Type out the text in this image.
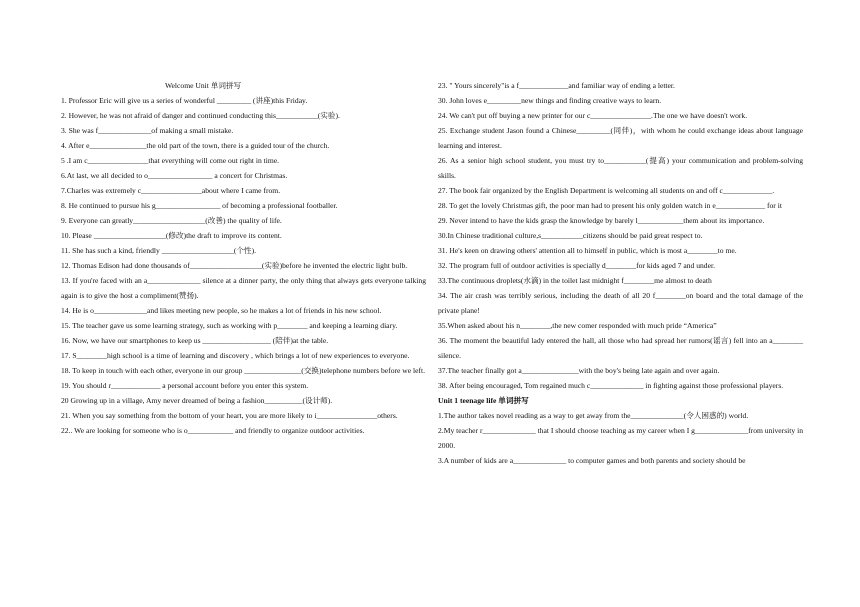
Welcome Unit 单词拼写

1. Professor Eric will give us a series of wonderful _________ (讲座)this Friday.

2. However, he was not afraid of danger and continued conducting this___________(实验).

3. She was f______________of making a small mistake.

4. After e_______________the old part of the town, there is a guided tour of the church.

5 .I am c________________that everything will come out right in time.

6.At last, we all decided to o_________________ a concert for Christmas.

7.Charles was extremely c________________about where I came from.

8. He continued to pursue his g_________________ of becoming a professional footballer.

9. Everyone can greatly___________________(改善) the quality of life.

10. Please ___________________(修改)the draft to improve its content.

11. She has such a kind, friendly ___________________(个性).

12. Thomas Edison had done thousands of___________________(实验)before he invented the electric light bulb.

13. If you're faced with an a______________ silence at a dinner party, the only thing that always gets everyone talking again is to give the host a compliment(赞扬).

14. He is o______________and likes meeting new people, so he makes a lot of friends in his new school.

15. The teacher gave us some learning strategy, such as working with p________ and keeping a learning diary.

16. Now, we have our smartphones to keep us __________________ (陪伴)at the table.

17. S________high school is a time of learning and discovery , which brings a lot of new experiences to everyone.

18. To keep in touch with each other, everyone in our group _______________(交换)telephone numbers before we left.

19. You should r_____________ a personal account before you enter this system.

20 Growing up in a village, Amy never dreamed of being a fashion__________(设计师).

21. When you say something from the bottom of your heart, you are more likely to i________________others.

22.. We are looking for someone who is o____________ and friendly to organize outdoor activities.

23. " Yours sincerely"is a f_____________and familiar way of ending a letter.

30. John loves e_________new things and finding creative ways to learn.

24. We can't put off buying a new printer for our c________________.The one we have doesn't work.

25. Exchange student Jason found a Chinese_________(同伴)，with whom he could exchange ideas about language learning and interest.

26. As a senior high school student, you must try to___________(提高) your communication and problem-solving skills.

27. The book fair organized by the English Department is welcoming all students on and off c_____________.

28. To get the lovely Christmas gift, the poor man had to present his only golden watch in e_____________ for it

29. Never intend to have the kids grasp the knowledge by barely l____________them about its importance.

30.In Chinese traditional culture,s___________citizens should be paid great respect to.

31. He's keen on drawing others' attention all to himself in public, which is most a________to me.

32. The program full of outdoor activities is specially d________for kids aged 7 and under.

33.The continuous droplets(水滴) in the toilet last midnight f________me almost to death

34. The air crash was terribly serious, including the death of all 20 f________on board and the total damage of the private plane!

35.When asked about his n________,the new comer responded with much pride “America”

36. The moment the beautiful lady entered the hall, all those who had spread her rumors(谣言) fell into an a________ silence.

37.The teacher finally got a_______________with the boy's being late again and over again.

38. After being encouraged, Tom regained much c______________ in fighting against those professional players.

Unit 1 teenage life 单词拼写

1.The author takes novel reading as a way to get away from the______________(令人困惑的) world.

2.My teacher r______________ that I should choose teaching as my career when I g______________from university in 2000.

3.A number of kids are a______________ to computer games and both parents and society should be
